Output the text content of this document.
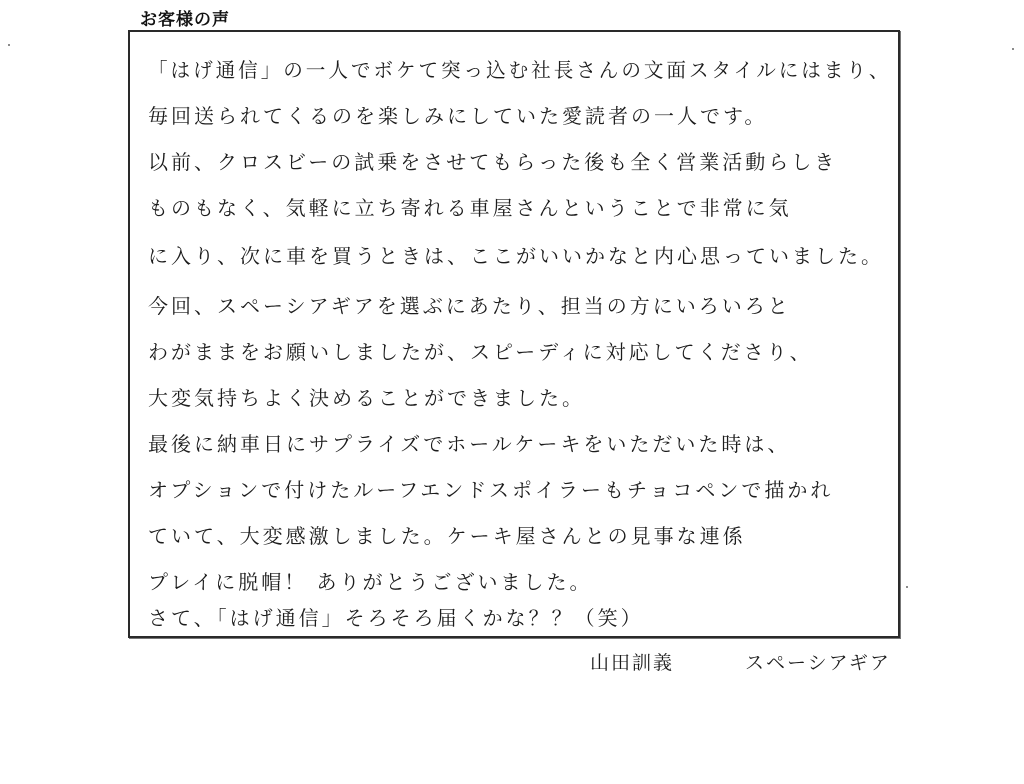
お客様の声
「はげ通信」の一人でボケて突っ込む社長さんの文面スタイルにはまり、
毎回送られてくるのを楽しみにしていた愛読者の一人です。
以前、クロスビーの試乗をさせてもらった後も全く営業活動らしき
ものもなく、気軽に立ち寄れる車屋さんということで非常に気
に入り、次に車を買うときは、ここがいいかなと内心思っていました。
今回、スペーシアギアを選ぶにあたり、担当の方にいろいろと
わがままをお願いしましたが、スピーディに対応してくださり、
大変気持ちよく決めることができました。
最後に納車日にサプライズでホールケーキをいただいた時は、
オプションで付けたルーフエンドスポイラーもチョコペンで描かれ
ていて、大変感激しました。ケーキ屋さんとの見事な連係
プレイに脱帽！ ありがとうございました。
さて、「はげ通信」そろそろ届くかな？？（笑）
山田訓義	スペーシアギア
